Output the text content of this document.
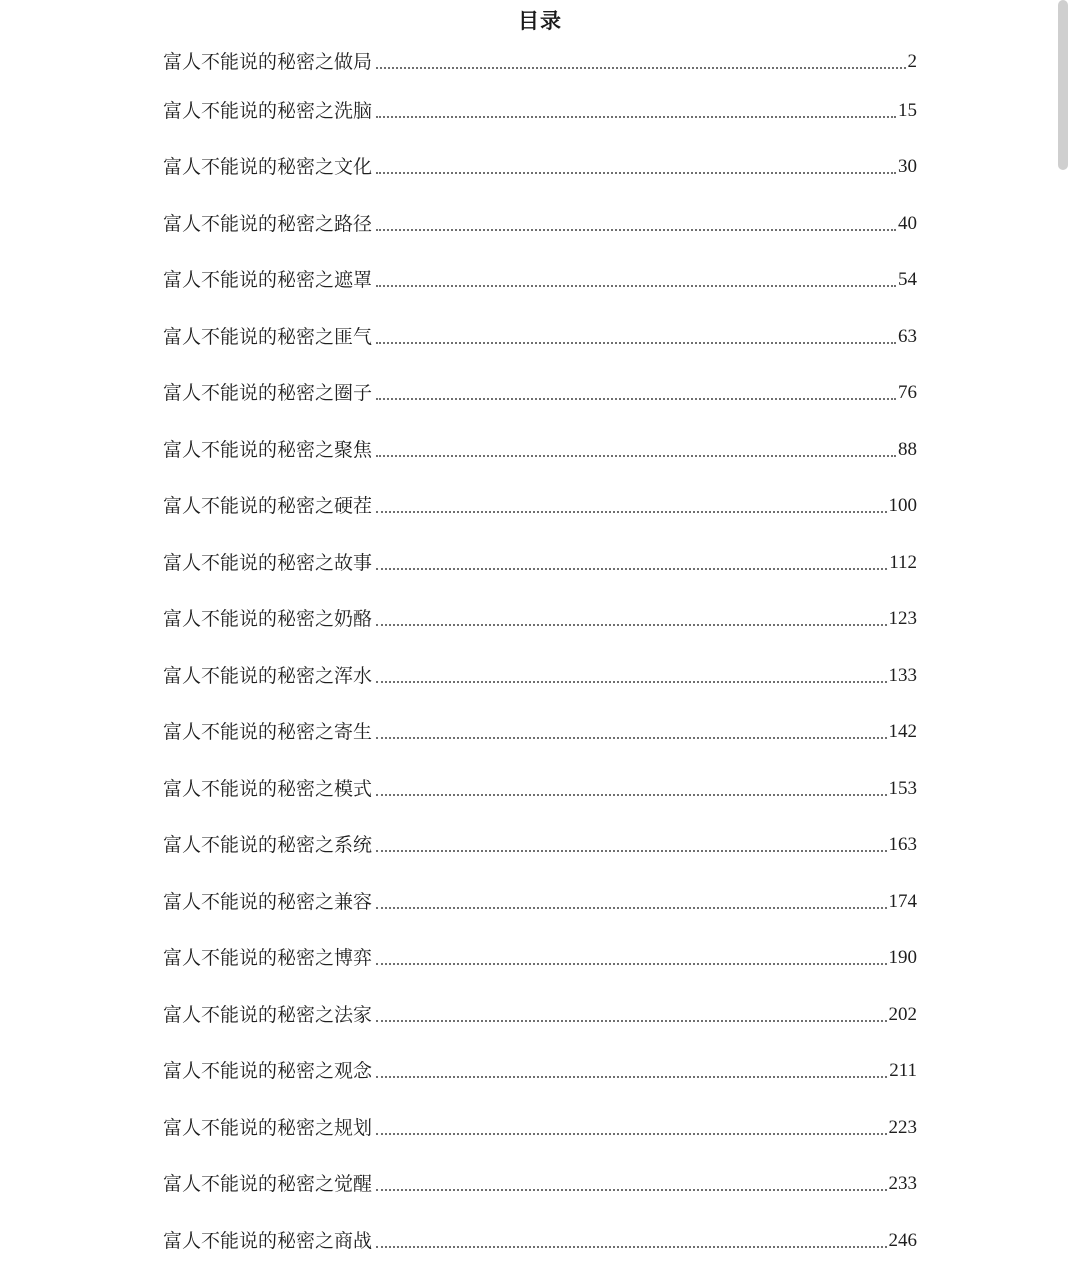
目录
富人不能说的秘密之做局	2
富人不能说的秘密之洗脑	15
富人不能说的秘密之文化	30
富人不能说的秘密之路径	40
富人不能说的秘密之遮罩	54
富人不能说的秘密之匪气	63
富人不能说的秘密之圈子	76
富人不能说的秘密之聚焦	88
富人不能说的秘密之硬茬	100
富人不能说的秘密之故事	112
富人不能说的秘密之奶酪	123
富人不能说的秘密之浑水	133
富人不能说的秘密之寄生	142
富人不能说的秘密之模式	153
富人不能说的秘密之系统	163
富人不能说的秘密之兼容	174
富人不能说的秘密之博弈	190
富人不能说的秘密之法家	202
富人不能说的秘密之观念	211
富人不能说的秘密之规划	223
富人不能说的秘密之觉醒	233
富人不能说的秘密之商战	246
